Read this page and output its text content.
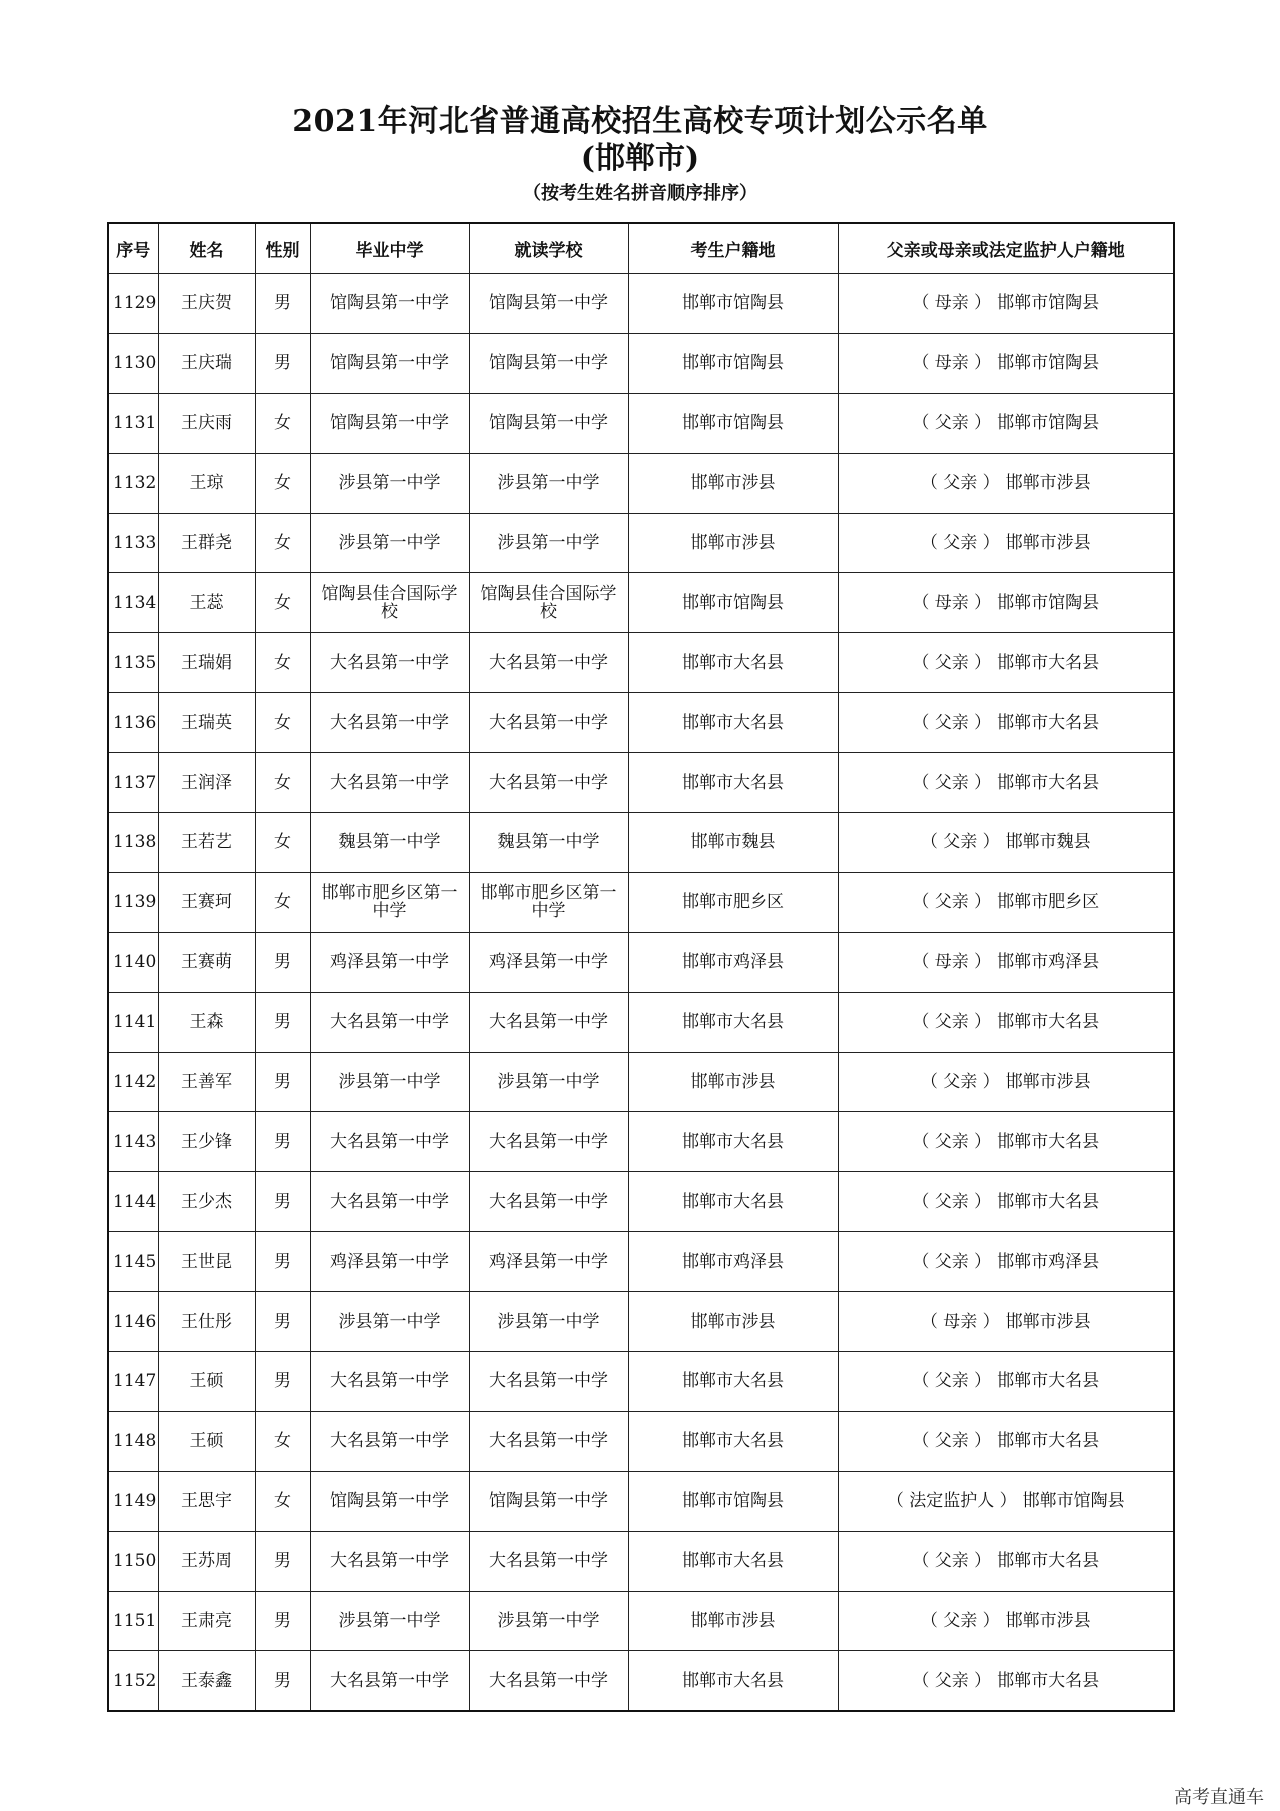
2021年河北省普通高校招生高校专项计划公示名单
(邯郸市)
（按考生姓名拼音顺序排序）
序号	姓名	性别	毕业中学	就读学校	考生户籍地	父亲或母亲或法定监护人户籍地
1129	王庆贺	男	馆陶县第一中学	馆陶县第一中学	邯郸市馆陶县	（ 母亲 ） 邯郸市馆陶县
1130	王庆瑞	男	馆陶县第一中学	馆陶县第一中学	邯郸市馆陶县	（ 母亲 ） 邯郸市馆陶县
1131	王庆雨	女	馆陶县第一中学	馆陶县第一中学	邯郸市馆陶县	（ 父亲 ） 邯郸市馆陶县
1132	王琼	女	涉县第一中学	涉县第一中学	邯郸市涉县	（ 父亲 ） 邯郸市涉县
1133	王群尧	女	涉县第一中学	涉县第一中学	邯郸市涉县	（ 父亲 ） 邯郸市涉县
1134	王蕊	女	馆陶县佳合国际学校	馆陶县佳合国际学校	邯郸市馆陶县	（ 母亲 ） 邯郸市馆陶县
1135	王瑞娟	女	大名县第一中学	大名县第一中学	邯郸市大名县	（ 父亲 ） 邯郸市大名县
1136	王瑞英	女	大名县第一中学	大名县第一中学	邯郸市大名县	（ 父亲 ） 邯郸市大名县
1137	王润泽	女	大名县第一中学	大名县第一中学	邯郸市大名县	（ 父亲 ） 邯郸市大名县
1138	王若艺	女	魏县第一中学	魏县第一中学	邯郸市魏县	（ 父亲 ） 邯郸市魏县
1139	王赛珂	女	邯郸市肥乡区第一中学	邯郸市肥乡区第一中学	邯郸市肥乡区	（ 父亲 ） 邯郸市肥乡区
1140	王赛萌	男	鸡泽县第一中学	鸡泽县第一中学	邯郸市鸡泽县	（ 母亲 ） 邯郸市鸡泽县
1141	王森	男	大名县第一中学	大名县第一中学	邯郸市大名县	（ 父亲 ） 邯郸市大名县
1142	王善军	男	涉县第一中学	涉县第一中学	邯郸市涉县	（ 父亲 ） 邯郸市涉县
1143	王少锋	男	大名县第一中学	大名县第一中学	邯郸市大名县	（ 父亲 ） 邯郸市大名县
1144	王少杰	男	大名县第一中学	大名县第一中学	邯郸市大名县	（ 父亲 ） 邯郸市大名县
1145	王世昆	男	鸡泽县第一中学	鸡泽县第一中学	邯郸市鸡泽县	（ 父亲 ） 邯郸市鸡泽县
1146	王仕彤	男	涉县第一中学	涉县第一中学	邯郸市涉县	（ 母亲 ） 邯郸市涉县
1147	王硕	男	大名县第一中学	大名县第一中学	邯郸市大名县	（ 父亲 ） 邯郸市大名县
1148	王硕	女	大名县第一中学	大名县第一中学	邯郸市大名县	（ 父亲 ） 邯郸市大名县
1149	王思宇	女	馆陶县第一中学	馆陶县第一中学	邯郸市馆陶县	（ 法定监护人 ） 邯郸市馆陶县
1150	王苏周	男	大名县第一中学	大名县第一中学	邯郸市大名县	（ 父亲 ） 邯郸市大名县
1151	王肃亮	男	涉县第一中学	涉县第一中学	邯郸市涉县	（ 父亲 ） 邯郸市涉县
1152	王泰鑫	男	大名县第一中学	大名县第一中学	邯郸市大名县	（ 父亲 ） 邯郸市大名县
高考直通车
